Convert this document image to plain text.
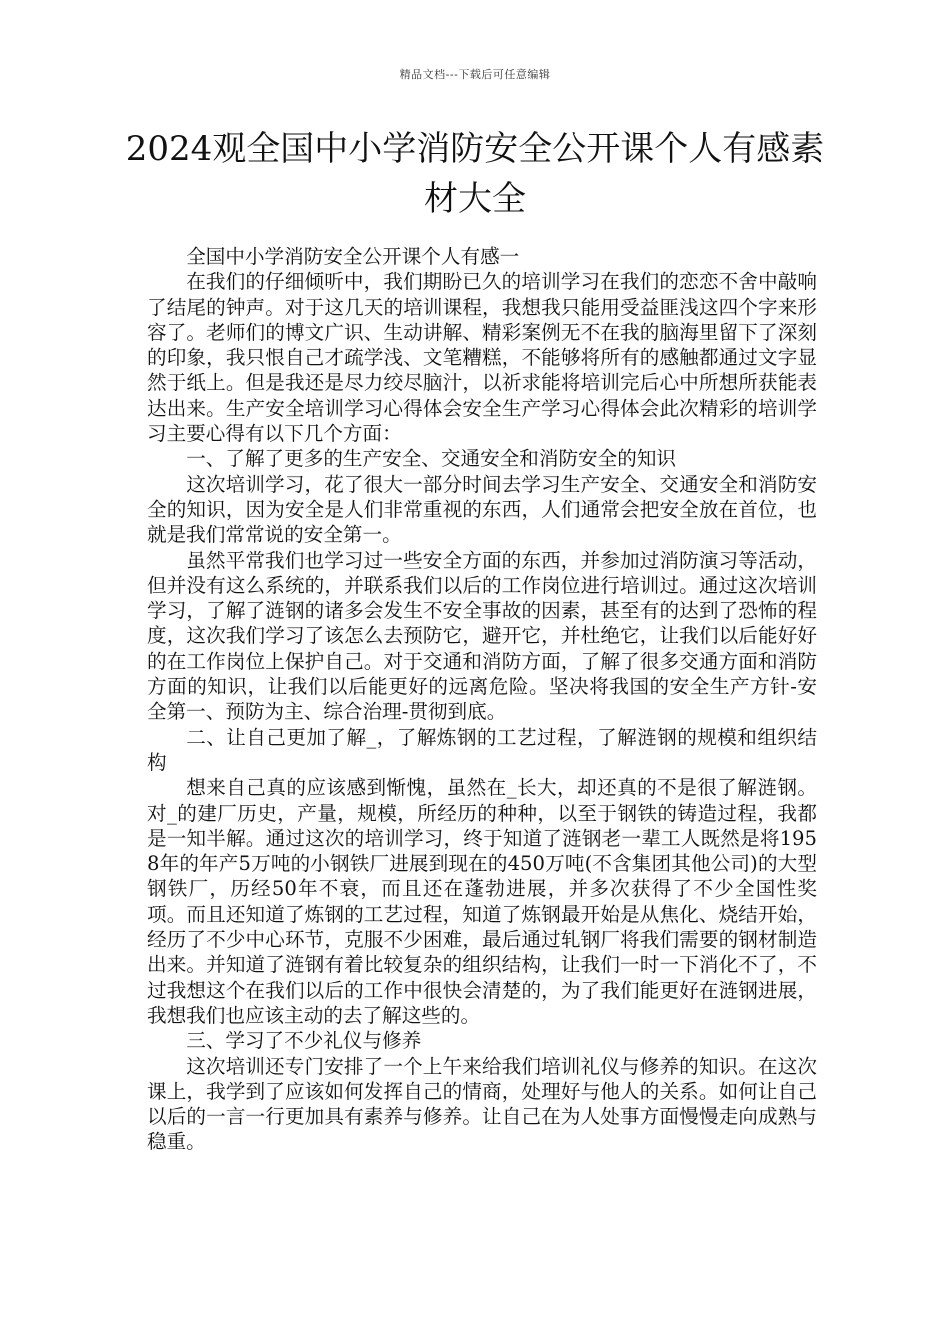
精品文档---下载后可任意编辑
2024观全国中小学消防安全公开课个人有感素材大全

全国中小学消防安全公开课个人有感一

在我们的仔细倾听中，我们期盼已久的培训学习在我们的恋恋不舍中敲响了结尾的钟声。对于这几天的培训课程，我想我只能用受益匪浅这四个字来形容了。老师们的博文广识、生动讲解、精彩案例无不在我的脑海里留下了深刻的印象，我只恨自己才疏学浅、文笔糟糕，不能够将所有的感触都通过文字显然于纸上。但是我还是尽力绞尽脑汁，以祈求能将培训完后心中所想所获能表达出来。生产安全培训学习心得体会安全生产学习心得体会此次精彩的培训学习主要心得有以下几个方面：

一、了解了更多的生产安全、交通安全和消防安全的知识

这次培训学习，花了很大一部分时间去学习生产安全、交通安全和消防安全的知识，因为安全是人们非常重视的东西，人们通常会把安全放在首位，也就是我们常常说的安全第一。

虽然平常我们也学习过一些安全方面的东西，并参加过消防演习等活动，但并没有这么系统的，并联系我们以后的工作岗位进行培训过。通过这次培训学习，了解了涟钢的诸多会发生不安全事故的因素，甚至有的达到了恐怖的程度，这次我们学习了该怎么去预防它，避开它，并杜绝它，让我们以后能好好的在工作岗位上保护自己。对于交通和消防方面，了解了很多交通方面和消防方面的知识，让我们以后能更好的远离危险。坚决将我国的安全生产方针-安全第一、预防为主、综合治理-贯彻到底。

二、让自己更加了解_，了解炼钢的工艺过程，了解涟钢的规模和组织结构

想来自己真的应该感到惭愧，虽然在_长大，却还真的不是很了解涟钢。对_的建厂历史，产量，规模，所经历的种种，以至于钢铁的铸造过程，我都是一知半解。通过这次的培训学习，终于知道了涟钢老一辈工人既然是将1958年的年产5万吨的小钢铁厂进展到现在的450万吨(不含集团其他公司)的大型钢铁厂，历经50年不衰，而且还在蓬勃进展，并多次获得了不少全国性奖项。而且还知道了炼钢的工艺过程，知道了炼钢最开始是从焦化、烧结开始，经历了不少中心环节，克服不少困难，最后通过轧钢厂将我们需要的钢材制造出来。并知道了涟钢有着比较复杂的组织结构，让我们一时一下消化不了，不过我想这个在我们以后的工作中很快会清楚的，为了我们能更好在涟钢进展，我想我们也应该主动的去了解这些的。

三、学习了不少礼仪与修养

这次培训还专门安排了一个上午来给我们培训礼仪与修养的知识。在这次课上，我学到了应该如何发挥自己的情商，处理好与他人的关系。如何让自己以后的一言一行更加具有素养与修养。让自己在为人处事方面慢慢走向成熟与稳重。
